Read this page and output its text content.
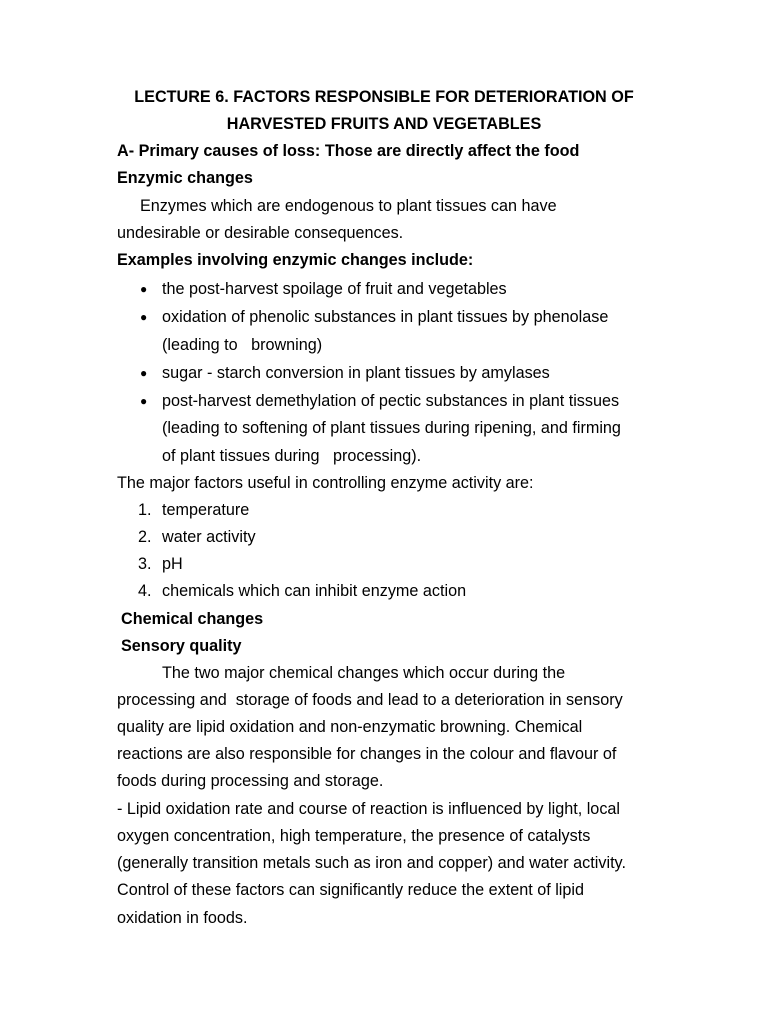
LECTURE 6. FACTORS RESPONSIBLE FOR DETERIORATION OF
HARVESTED FRUITS AND VEGETABLES
A- Primary causes of loss: Those are directly affect the food
Enzymic changes
Enzymes which are endogenous to plant tissues can have
undesirable or desirable consequences.
Examples involving enzymic changes include:
● the post-harvest spoilage of fruit and vegetables
● oxidation of phenolic substances in plant tissues by phenolase
(leading to   browning)
● sugar - starch conversion in plant tissues by amylases
● post-harvest demethylation of pectic substances in plant tissues
(leading to softening of plant tissues during ripening, and firming
of plant tissues during   processing).
The major factors useful in controlling enzyme activity are:
1. temperature
2. water activity
3. pH
4. chemicals which can inhibit enzyme action
Chemical changes
Sensory quality
The two major chemical changes which occur during the
processing and  storage of foods and lead to a deterioration in sensory
quality are lipid oxidation and non-enzymatic browning. Chemical
reactions are also responsible for changes in the colour and flavour of
foods during processing and storage.
- Lipid oxidation rate and course of reaction is influenced by light, local
oxygen concentration, high temperature, the presence of catalysts
(generally transition metals such as iron and copper) and water activity.
Control of these factors can significantly reduce the extent of lipid
oxidation in foods.
